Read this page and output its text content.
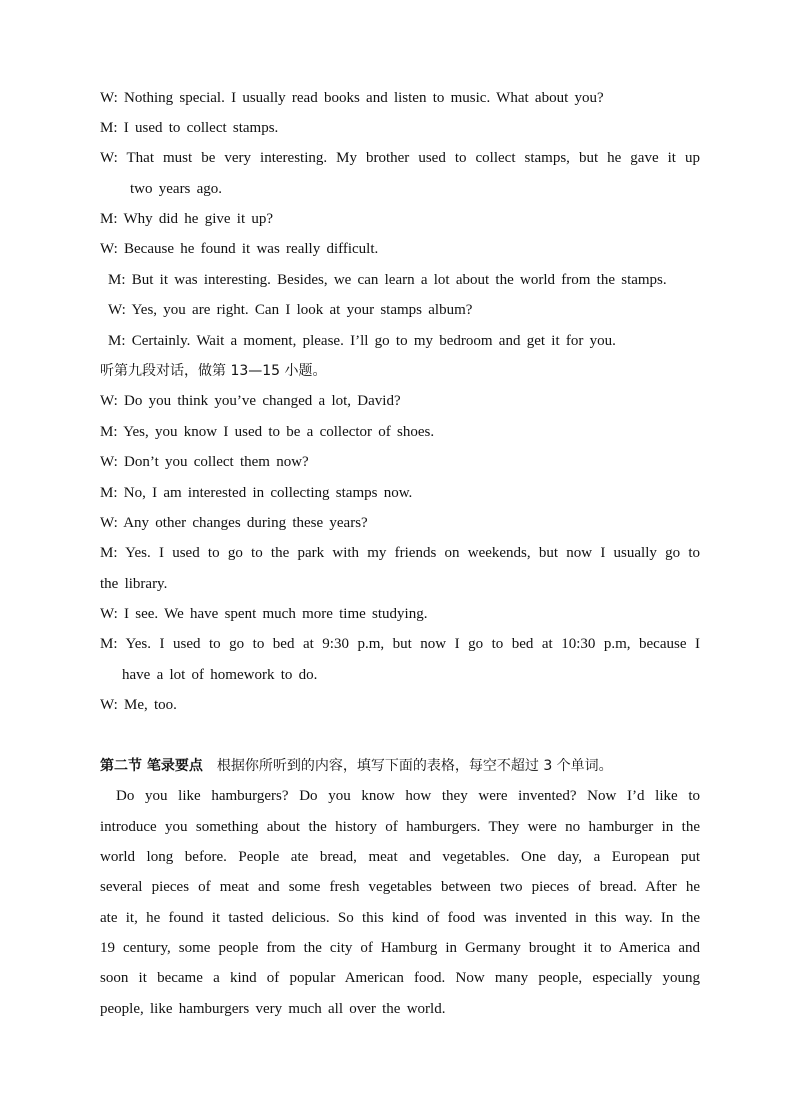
W: Nothing special. I usually read books and listen to music. What about you?
M: I used to collect stamps.
W: That must be very interesting. My brother used to collect stamps, but he gave it up
two years ago.
M: Why did he give it up?
W: Because he found it was really difficult.
M: But it was interesting. Besides, we can learn a lot about the world from the stamps.
W: Yes, you are right. Can I look at your stamps album?
M: Certainly. Wait a moment, please. I’ll go to my bedroom and get it for you.
听第九段对话，做第 13—15 小题。
W: Do you think you’ve changed a lot, David?
M: Yes, you know I used to be a collector of shoes.
W: Don’t you collect them now?
M: No, I am interested in collecting stamps now.
W: Any other changes during these years?
M: Yes. I used to go to the park with my friends on weekends, but now I usually go to
the library.
W: I see. We have spent much more time studying.
M: Yes. I used to go to bed at 9:30 p.m, but now I go to bed at 10:30 p.m, because I
have a lot of homework to do.
W: Me, too.
第二节 笔录要点 根据你所听到的内容，填写下面的表格，每空不超过 3 个单词。
Do you like hamburgers? Do you know how they were invented? Now I’d like to
introduce you something about the history of hamburgers. They were no hamburger in the
world long before. People ate bread, meat and vegetables. One day, a European put
several pieces of meat and some fresh vegetables between two pieces of bread. After he
ate it, he found it tasted delicious. So this kind of food was invented in this way. In the
19 century, some people from the city of Hamburg in Germany brought it to America and
soon it became a kind of popular American food. Now many people, especially young
people, like hamburgers very much all over the world.
